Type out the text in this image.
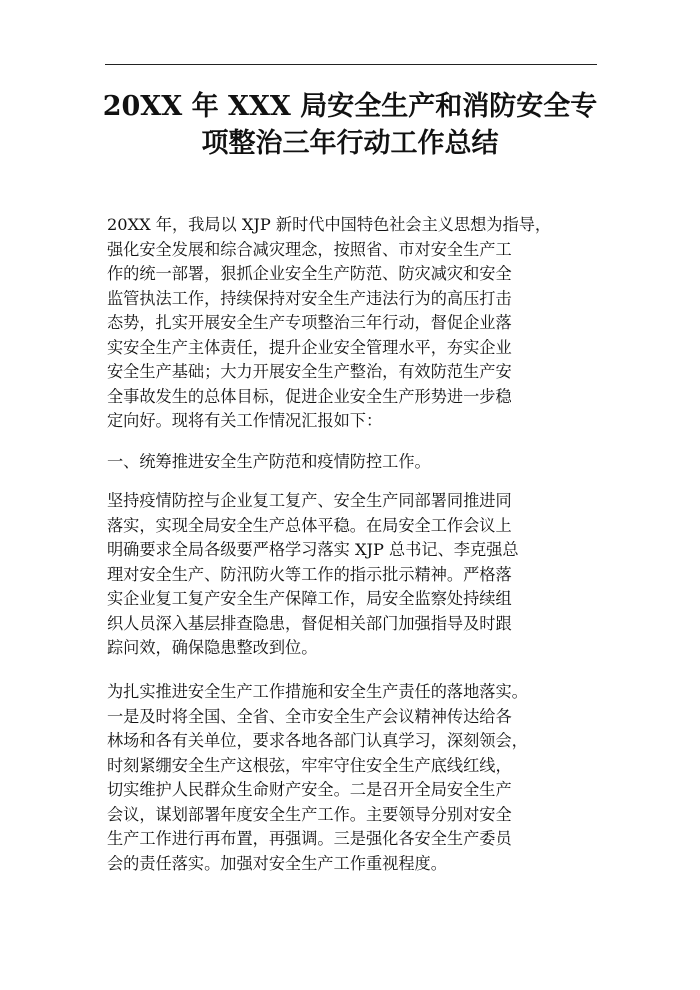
20XX 年 XXX 局安全生产和消防安全专
项整治三年行动工作总结

20XX 年，我局以 XJP 新时代中国特色社会主义思想为指导，
强化安全发展和综合减灾理念，按照省、市对安全生产工
作的统一部署，狠抓企业安全生产防范、防灾减灾和安全
监管执法工作，持续保持对安全生产违法行为的高压打击
态势，扎实开展安全生产专项整治三年行动，督促企业落
实安全生产主体责任，提升企业安全管理水平，夯实企业
安全生产基础；大力开展安全生产整治，有效防范生产安
全事故发生的总体目标，促进企业安全生产形势进一步稳
定向好。现将有关工作情况汇报如下：

一、统筹推进安全生产防范和疫情防控工作。

坚持疫情防控与企业复工复产、安全生产同部署同推进同
落实，实现全局安全生产总体平稳。在局安全工作会议上
明确要求全局各级要严格学习落实 XJP 总书记、李克强总
理对安全生产、防汛防火等工作的指示批示精神。严格落
实企业复工复产安全生产保障工作，局安全监察处持续组
织人员深入基层排查隐患，督促相关部门加强指导及时跟
踪问效，确保隐患整改到位。

为扎实推进安全生产工作措施和安全生产责任的落地落实。
一是及时将全国、全省、全市安全生产会议精神传达给各
林场和各有关单位，要求各地各部门认真学习，深刻领会，
时刻紧绷安全生产这根弦，牢牢守住安全生产底线红线，
切实维护人民群众生命财产安全。二是召开全局安全生产
会议，谋划部署年度安全生产工作。主要领导分别对安全
生产工作进行再布置，再强调。三是强化各安全生产委员
会的责任落实。加强对安全生产工作重视程度。
